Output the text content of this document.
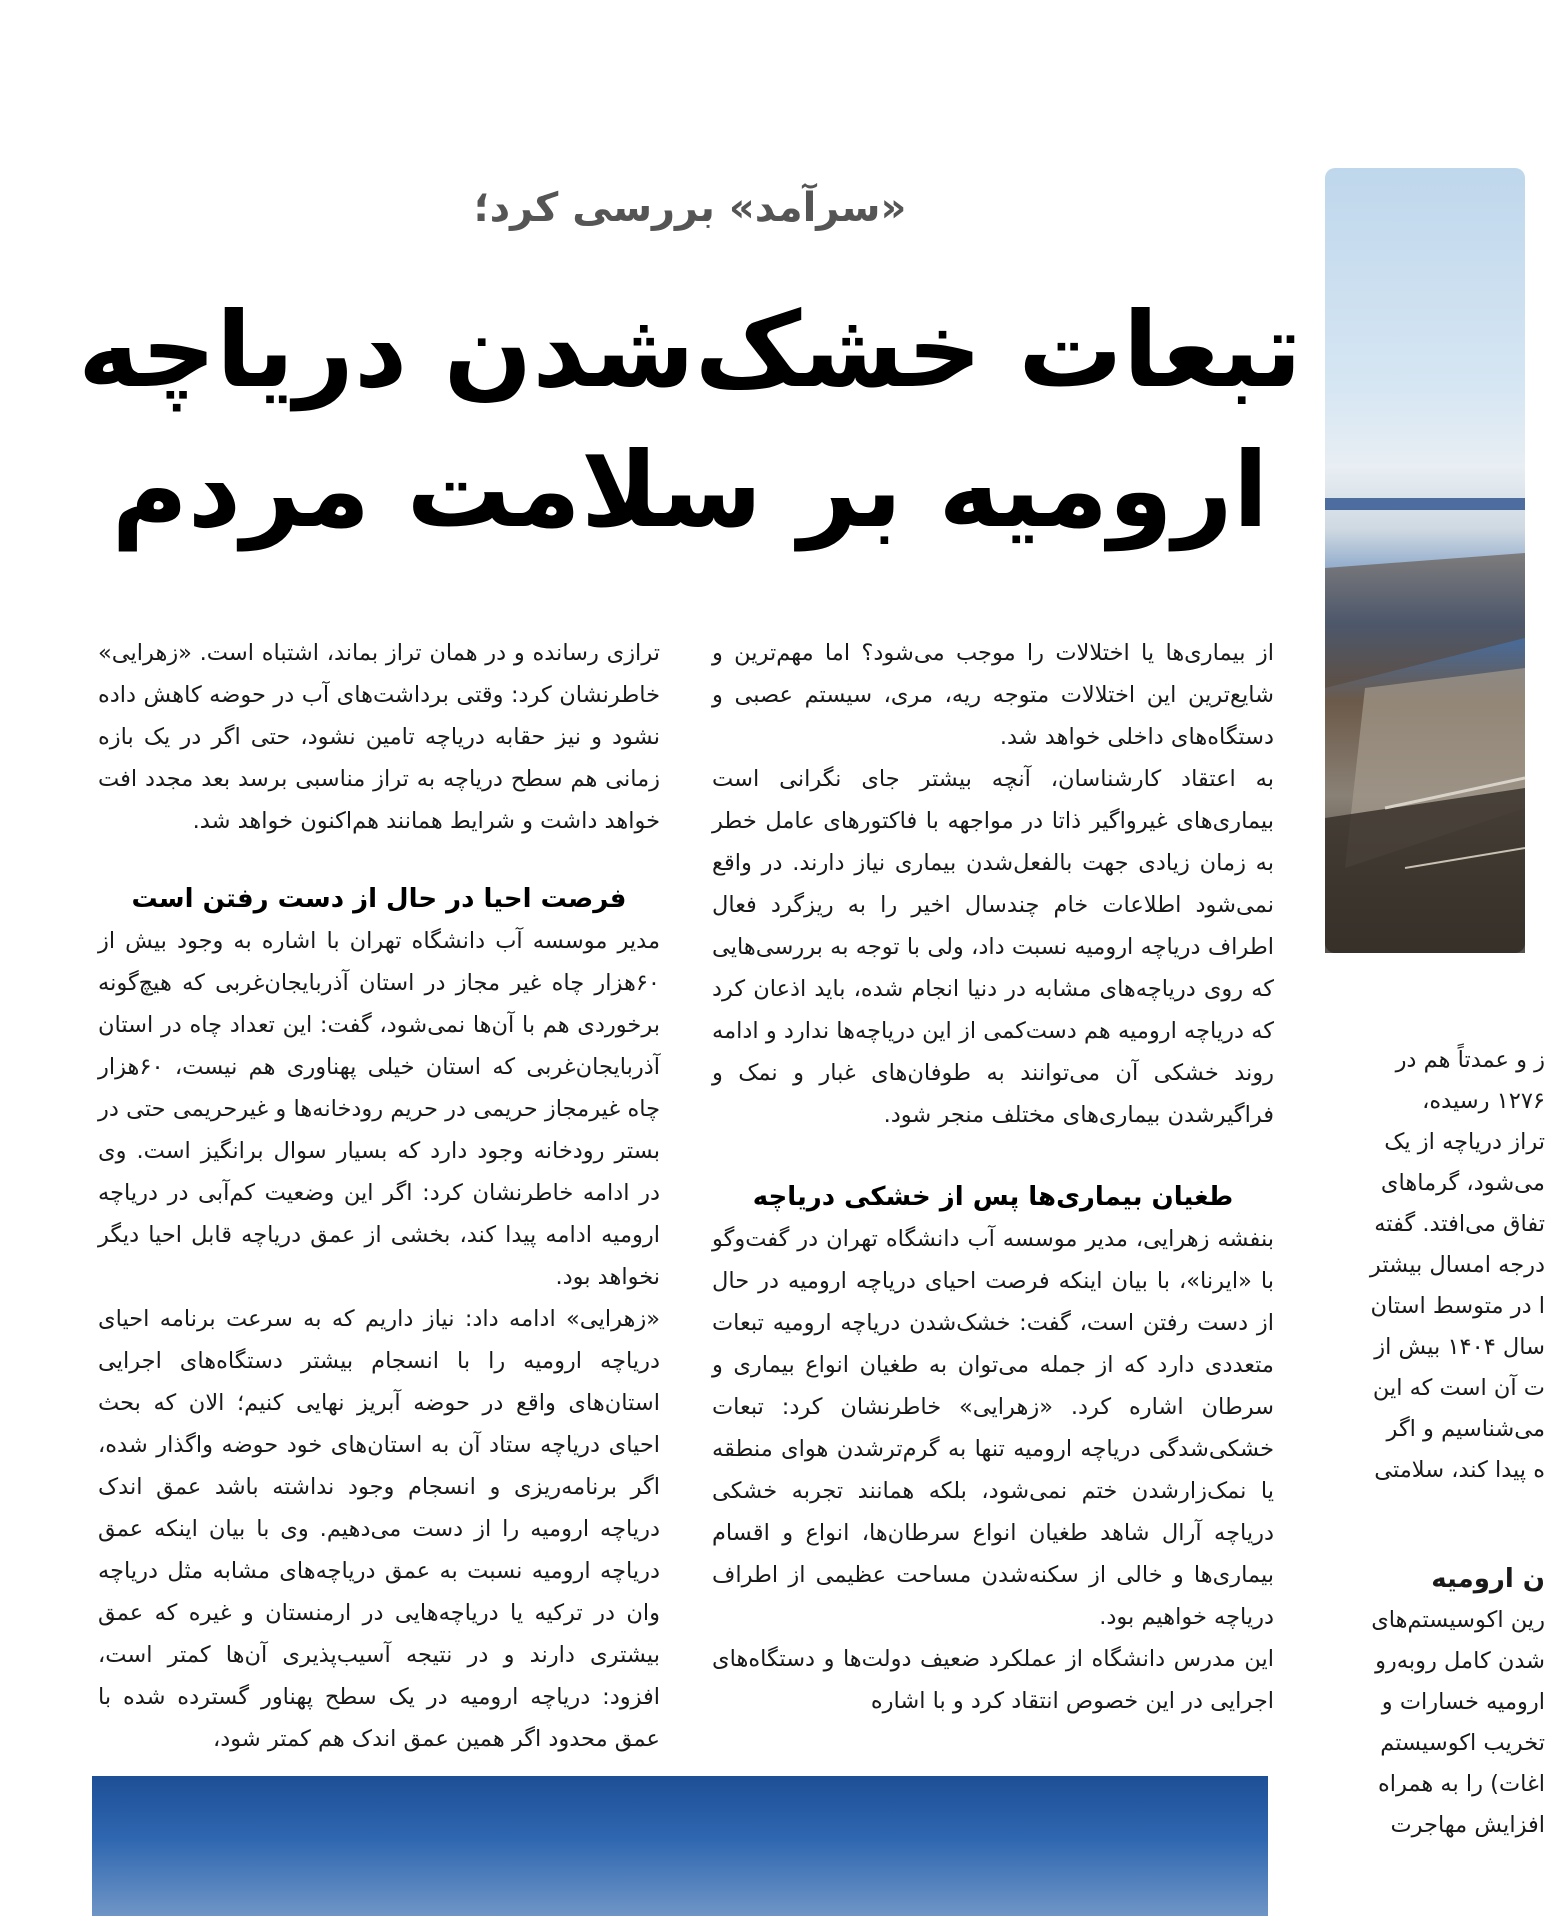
«سرآمد» بررسی کرد؛
تبعات خشک‌شدن دریاچه
ارومیه بر سلامت مردم

از بیماری‌ها یا اختلالات را موجب می‌شود؟ اما مهم‌ترین و شایع‌ترین این اختلالات متوجه ریه، مری، سیستم عصبی و دستگاه‌های داخلی خواهد شد.

به اعتقاد کارشناسان، آنچه بیشتر جای نگرانی است بیماری‌های غیرواگیر ذاتا در مواجهه با فاکتورهای عامل خطر به زمان زیادی جهت بالفعل‌شدن بیماری نیاز دارند. در واقع نمی‌شود اطلاعات خام چندسال اخیر را به ریزگرد فعال اطراف دریاچه ارومیه نسبت داد، ولی با توجه به بررسی‌هایی که روی دریاچه‌های مشابه در دنیا انجام شده، باید اذعان کرد که دریاچه ارومیه هم دست‌کمی از این دریاچه‌ها ندارد و ادامه روند خشکی آن می‌توانند به طوفان‌های غبار و نمک و فراگیرشدن بیماری‌های مختلف منجر شود.

طغیان بیماری‌ها پس از خشکی دریاچه

بنفشه زهرایی، مدیر موسسه آب دانشگاه تهران در گفت‌وگو با «ایرنا»، با بیان اینکه فرصت احیای دریاچه ارومیه در حال از دست رفتن است، گفت: خشک‌شدن دریاچه ارومیه تبعات متعددی دارد که از جمله می‌توان به طغیان انواع بیماری و سرطان اشاره کرد. «زهرایی» خاطرنشان کرد: تبعات خشکی‌شدگی دریاچه ارومیه تنها به گرم‌ترشدن هوای منطقه یا نمک‌زارشدن ختم نمی‌شود، بلکه همانند تجربه خشکی دریاچه آرال شاهد طغیان انواع سرطان‌ها، انواع و اقسام بیماری‌ها و خالی از سکنه‌شدن مساحت عظیمی از اطراف دریاچه خواهیم بود.

این مدرس دانشگاه از عملکرد ضعیف دولت‌ها و دستگاه‌های اجرایی در این خصوص انتقاد کرد و با اشاره

ترازی رسانده و در همان تراز بماند، اشتباه است. «زهرایی» خاطرنشان کرد: وقتی برداشت‌های آب در حوضه کاهش داده نشود و نیز حقابه دریاچه تامین نشود، حتی اگر در یک بازه زمانی هم سطح دریاچه به تراز مناسبی برسد بعد مجدد افت خواهد داشت و شرایط همانند هم‌اکنون خواهد شد.

فرصت احیا در حال از دست رفتن است

مدیر موسسه آب دانشگاه تهران با اشاره به وجود بیش از ۶۰هزار چاه غیر مجاز در استان آذربایجان‌غربی که هیچ‌گونه برخوردی هم با آن‌ها نمی‌شود، گفت: این تعداد چاه در استان آذربایجان‌غربی که استان خیلی پهناوری هم نیست، ۶۰هزار چاه غیرمجاز حریمی در حریم رودخانه‌ها و غیرحریمی حتی در بستر رودخانه وجود دارد که بسیار سوال برانگیز است. وی در ادامه خاطرنشان کرد: اگر این وضعیت کم‌آبی در دریاچه ارومیه ادامه پیدا کند، بخشی از عمق دریاچه قابل احیا دیگر نخواهد بود.

«زهرایی» ادامه داد: نیاز داریم که به سرعت برنامه احیای دریاچه ارومیه را با انسجام بیشتر دستگاه‌های اجرایی استان‌های واقع در حوضه آبریز نهایی کنیم؛ الان که بحث احیای دریاچه ستاد آن به استان‌های خود حوضه واگذار شده، اگر برنامه‌ریزی و انسجام وجود نداشته باشد عمق اندک دریاچه ارومیه را از دست می‌دهیم. وی با بیان اینکه عمق دریاچه ارومیه نسبت به عمق دریاچه‌های مشابه مثل دریاچه وان در ترکیه یا دریاچه‌هایی در ارمنستان و غیره که عمق بیشتری دارند و در نتیجه آسیب‌پذیری آن‌ها کمتر است، افزود: دریاچه ارومیه در یک سطح پهناور گسترده شده با عمق محدود اگر همین عمق اندک هم کمتر شود،

ز و عمدتاً هم در

۱۲۷۶ رسیده،

تراز دریاچه از یک

می‌شود، گرماهای

تفاق می‌افتد. گفته

درجه امسال بیشتر

ا در متوسط استان

سال ۱۴۰۴ بیش از

ت آن است که این

می‌شناسیم و اگر

ه پیدا کند، سلامتی

ن ارومیه

رین اکوسیستم‌های

شدن کامل روبه‌رو

ارومیه خسارات و

تخریب اکوسیستم

اغات) را به همراه

افزایش مهاجرت
